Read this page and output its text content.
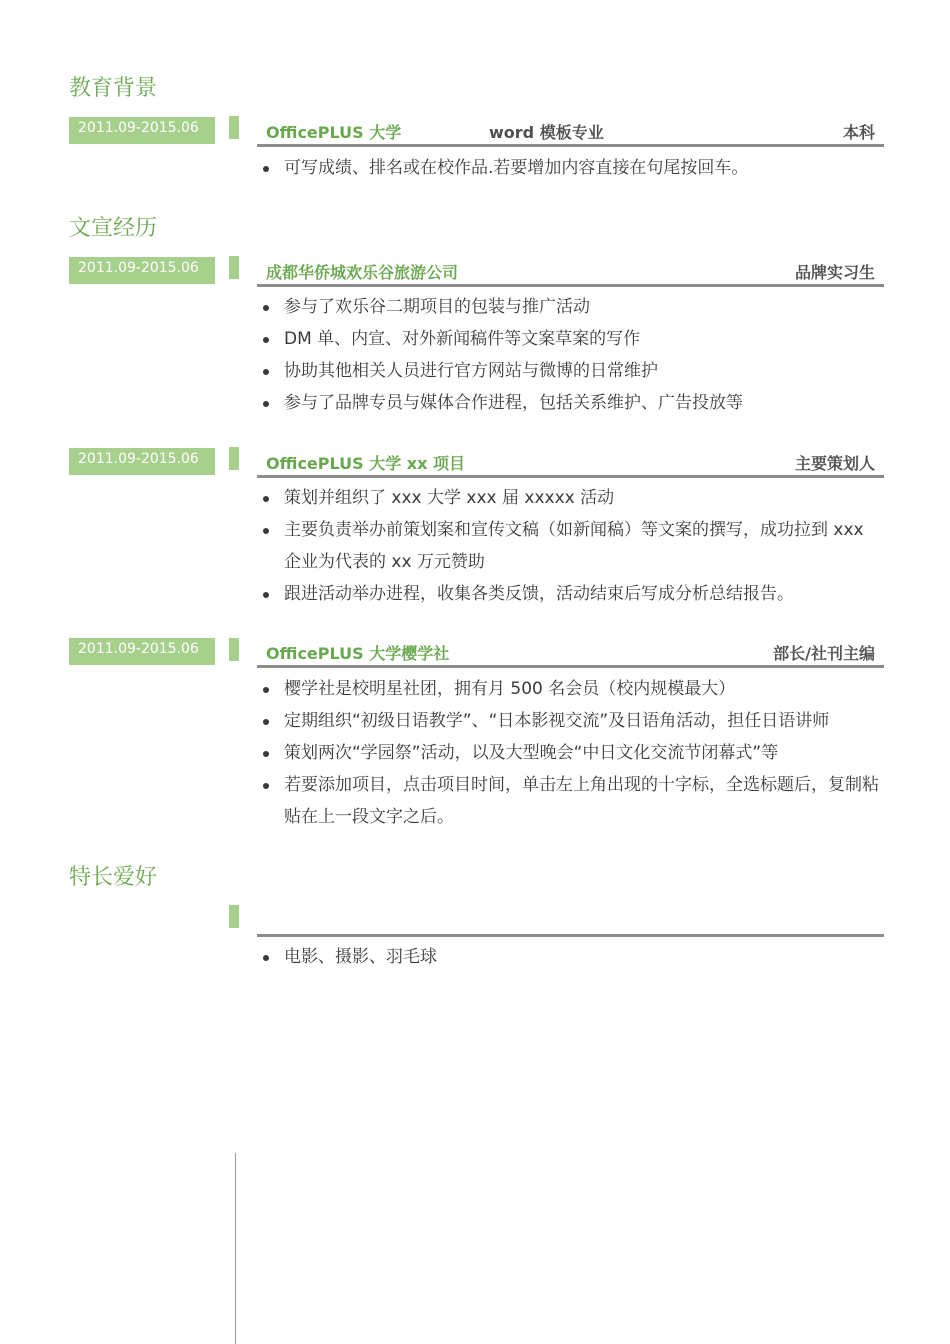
教育背景
2011.09-2015.06	OfficePLUS 大学	word 模板专业	本科
可写成绩、排名或在校作品.若要增加内容直接在句尾按回车。
文宣经历
2011.09-2015.06	成都华侨城欢乐谷旅游公司	品牌实习生
参与了欢乐谷二期项目的包装与推广活动
DM 单、内宣、对外新闻稿件等文案草案的写作
协助其他相关人员进行官方网站与微博的日常维护
参与了品牌专员与媒体合作进程，包括关系维护、广告投放等
2011.09-2015.06	OfficePLUS 大学 xx 项目	主要策划人
策划并组织了 xxx 大学 xxx 届 xxxxx 活动
主要负责举办前策划案和宣传文稿（如新闻稿）等文案的撰写，成功拉到 xxx 企业为代表的 xx 万元赞助
跟进活动举办进程，收集各类反馈，活动结束后写成分析总结报告。
2011.09-2015.06	OfficePLUS 大学樱学社	部长/社刊主编
樱学社是校明星社团，拥有月 500 名会员（校内规模最大）
定期组织“初级日语教学”、“日本影视交流”及日语角活动，担任日语讲师
策划两次“学园祭”活动，以及大型晚会“中日文化交流节闭幕式”等
若要添加项目，点击项目时间，单击左上角出现的十字标，全选标题后，复制粘贴在上一段文字之后。
特长爱好
电影、摄影、羽毛球
